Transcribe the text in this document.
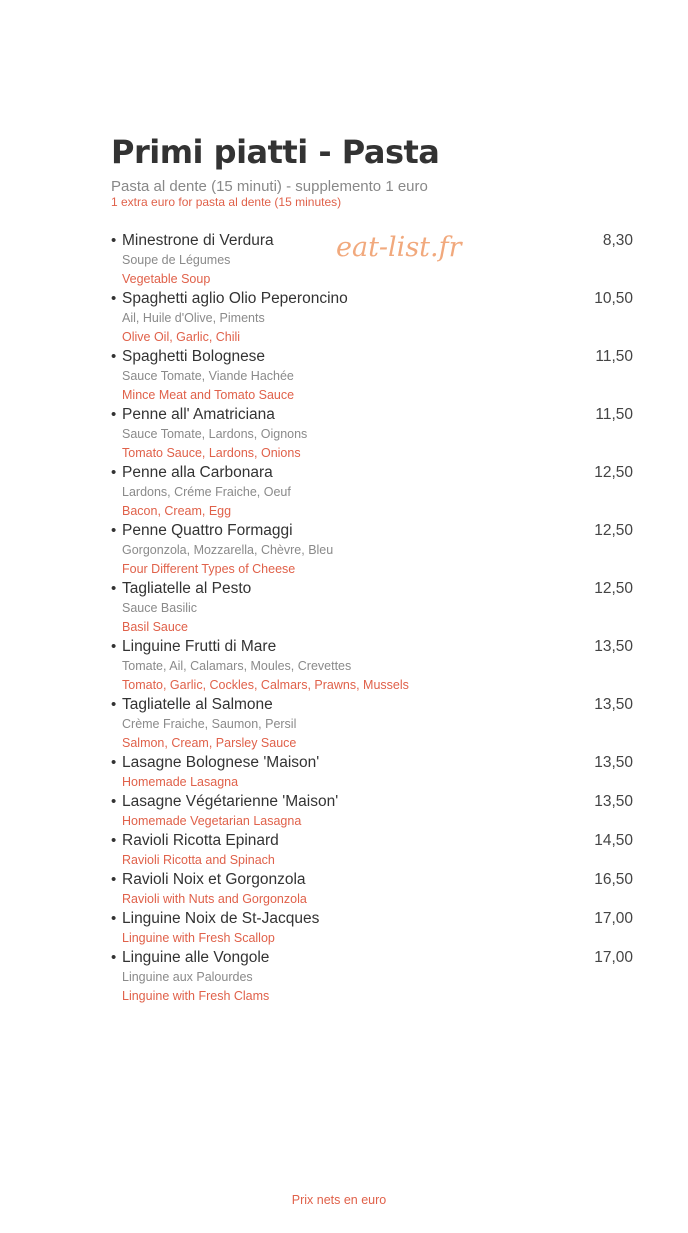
Primi piatti - Pasta
Pasta al dente (15 minuti) - supplemento 1 euro
1 extra euro for pasta al dente (15 minutes)
• Minestrone di Verdura	8,30
Soupe de Légumes
Vegetable Soup
• Spaghetti aglio Olio Peperoncino	10,50
Ail, Huile d'Olive, Piments
Olive Oil, Garlic, Chili
• Spaghetti Bolognese	11,50
Sauce Tomate, Viande Hachée
Mince Meat and Tomato Sauce
• Penne all' Amatriciana	11,50
Sauce Tomate, Lardons, Oignons
Tomato Sauce, Lardons, Onions
• Penne alla Carbonara	12,50
Lardons, Créme Fraiche, Oeuf
Bacon, Cream, Egg
• Penne Quattro Formaggi	12,50
Gorgonzola, Mozzarella, Chèvre, Bleu
Four Different Types of Cheese
• Tagliatelle al Pesto	12,50
Sauce Basilic
Basil Sauce
• Linguine Frutti di Mare	13,50
Tomate, Ail, Calamars, Moules, Crevettes
Tomato, Garlic, Cockles, Calmars, Prawns, Mussels
• Tagliatelle al Salmone	13,50
Crème Fraiche, Saumon, Persil
Salmon, Cream, Parsley Sauce
• Lasagne Bolognese 'Maison'	13,50
Homemade Lasagna
• Lasagne Végétarienne 'Maison'	13,50
Homemade Vegetarian Lasagna
• Ravioli Ricotta Epinard	14,50
Ravioli Ricotta and Spinach
• Ravioli Noix et Gorgonzola	16,50
Ravioli with Nuts and Gorgonzola
• Linguine Noix de St-Jacques	17,00
Linguine with Fresh Scallop
• Linguine alle Vongole	17,00
Linguine aux Palourdes
Linguine with Fresh Clams
eat-list.fr
Prix nets en euro
